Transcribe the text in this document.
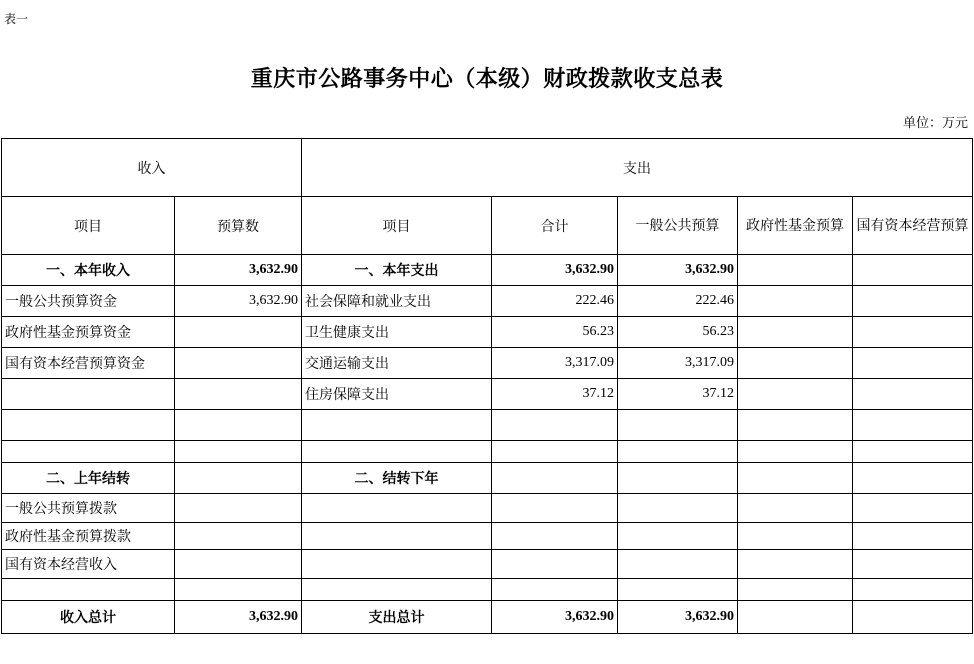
表一
重庆市公路事务中心（本级）财政拨款收支总表
单位：万元
收入		支出				
项目	预算数	项目	合计	一般公共预算	政府性基金预算	国有资本经营预算
一、本年收入	3,632.90	一、本年支出	3,632.90	3,632.90		
一般公共预算资金	3,632.90	社会保障和就业支出	222.46	222.46		
政府性基金预算资金		卫生健康支出	56.23	56.23		
国有资本经营预算资金		交通运输支出	3,317.09	3,317.09		
		住房保障支出	37.12	37.12		

二、上年结转		二、结转下年				
一般公共预算拨款						
政府性基金预算拨款						
国有资本经营收入						

收入总计	3,632.90	支出总计	3,632.90	3,632.90		
